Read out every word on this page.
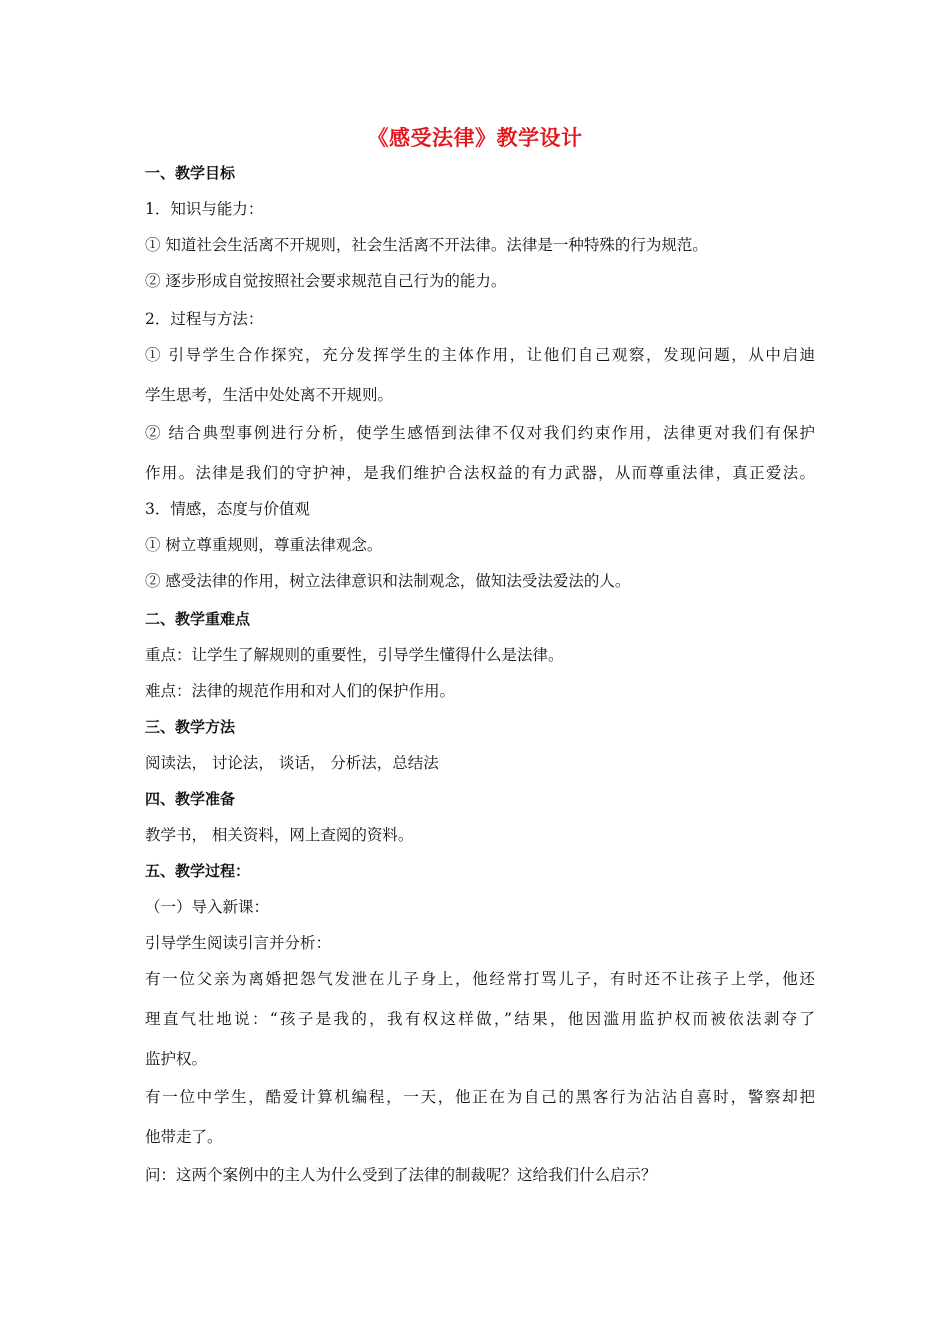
《感受法律》教学设计
一、教学目标
1．知识与能力：
① 知道社会生活离不开规则，社会生活离不开法律。法律是一种特殊的行为规范。
② 逐步形成自觉按照社会要求规范自己行为的能力。
2．过程与方法：
① 引导学生合作探究，充分发挥学生的主体作用，让他们自己观察，发现问题，从中启迪
学生思考，生活中处处离不开规则。
② 结合典型事例进行分析，使学生感悟到法律不仅对我们约束作用，法律更对我们有保护
作用。法律是我们的守护神，是我们维护合法权益的有力武器，从而尊重法律，真正爱法。
3．情感，态度与价值观
① 树立尊重规则，尊重法律观念。
② 感受法律的作用，树立法律意识和法制观念，做知法受法爱法的人。
二、教学重难点
重点：让学生了解规则的重要性，引导学生懂得什么是法律。
难点：法律的规范作用和对人们的保护作用。
三、教学方法
阅读法， 讨论法， 谈话， 分析法，总结法
四、教学准备
教学书， 相关资料，网上查阅的资料。
五、教学过程：
（一）导入新课：
引导学生阅读引言并分析：
有一位父亲为离婚把怨气发泄在儿子身上，他经常打骂儿子，有时还不让孩子上学，他还
理直气壮地说：“孩子是我的，我有权这样做，”结果，他因滥用监护权而被依法剥夺了
监护权。
有一位中学生，酷爱计算机编程，一天，他正在为自己的黑客行为沾沾自喜时，警察却把
他带走了。
问：这两个案例中的主人为什么受到了法律的制裁呢？这给我们什么启示？
